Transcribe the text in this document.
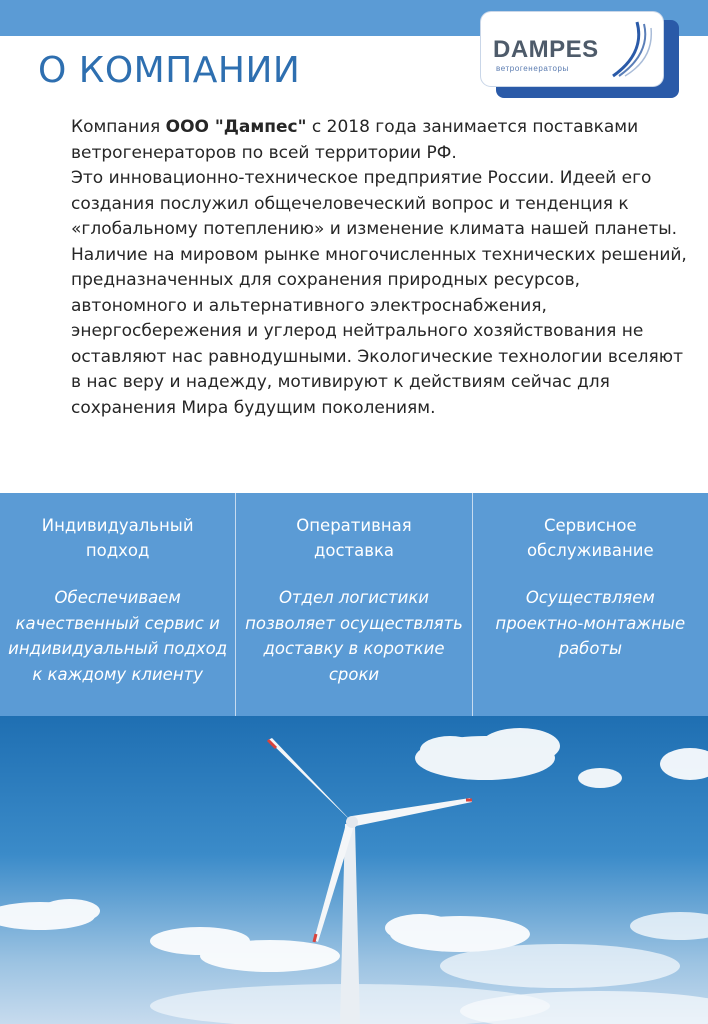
О КОМПАНИИ
DAMPES
ветрогенераторы

Компания ООО "Дампес" с 2018 года занимается поставками ветрогенераторов по всей территории РФ.

Это инновационно-техническое предприятие России. Идеей его создания послужил общечеловеческий вопрос и тенденция к «глобальному потеплению» и изменение климата нашей планеты.

Наличие на мировом рынке многочисленных технических решений, предназначенных для сохранения природных ресурсов, автономного и альтернативного электроснабжения, энергосбережения и углерод нейтрального хозяйствования не оставляют нас равнодушными. Экологические технологии вселяют в нас веру и надежду, мотивируют к действиям сейчас для сохранения Мира будущим поколениям.

Индивидуальный
подход
Обеспечиваем качественный сервис и индивидуальный подход к каждому клиенту
Оперативная
доставка
Отдел логистики позволяет осуществлять доставку в короткие сроки
Сервисное
обслуживание
Осуществляем проектно-монтажные работы
